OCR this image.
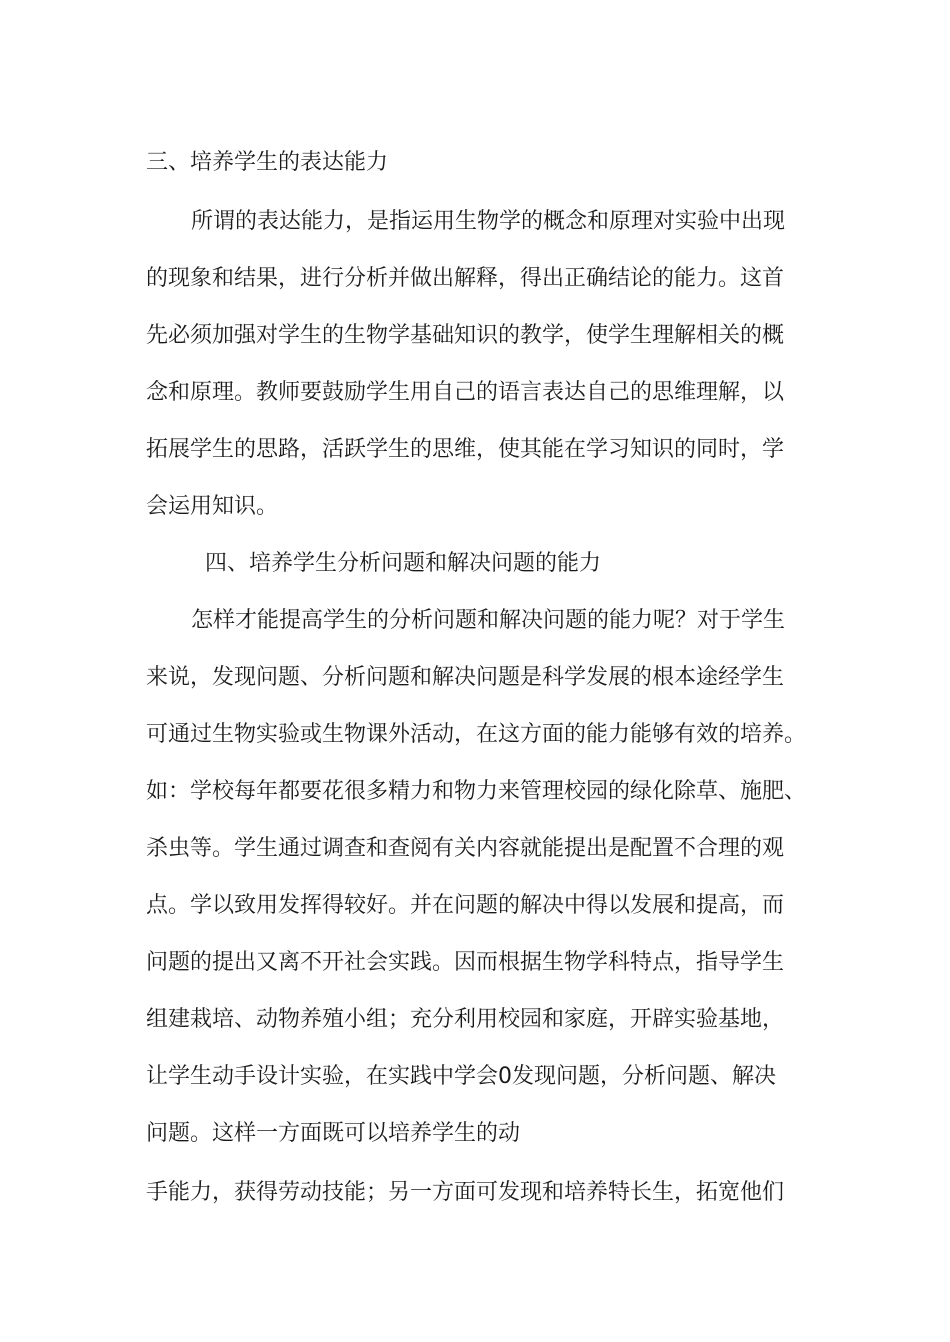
三、培养学生的表达能力
所谓的表达能力，是指运用生物学的概念和原理对实验中出现
的现象和结果，进行分析并做出解释，得出正确结论的能力。这首
先必须加强对学生的生物学基础知识的教学，使学生理解相关的概
念和原理。教师要鼓励学生用自己的语言表达自己的思维理解，以
拓展学生的思路，活跃学生的思维，使其能在学习知识的同时，学
会运用知识。
四、培养学生分析问题和解决问题的能力
怎样才能提高学生的分析问题和解决问题的能力呢？对于学生
来说，发现问题、分析问题和解决问题是科学发展的根本途经学生
可通过生物实验或生物课外活动，在这方面的能力能够有效的培养。
如：学校每年都要花很多精力和物力来管理校园的绿化除草、施肥、
杀虫等。学生通过调查和查阅有关内容就能提出是配置不合理的观
点。学以致用发挥得较好。并在问题的解决中得以发展和提高，而
问题的提出又离不开社会实践。因而根据生物学科特点，指导学生
组建栽培、动物养殖小组；充分利用校园和家庭，开辟实验基地，
让学生动手设计实验，在实践中学会0发现问题，分析问题、解决
问题。这样一方面既可以培养学生的动
手能力，获得劳动技能；另一方面可发现和培养特长生，拓宽他们
